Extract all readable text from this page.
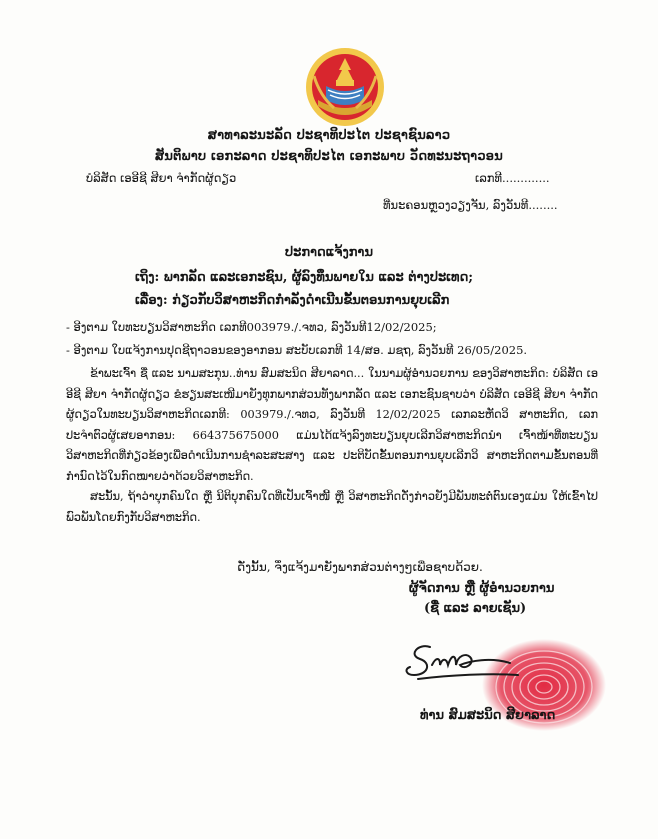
ສາທາລະນະລັດ ປະຊາທິປະໄຕ ປະຊາຊົນລາວ
ສັນຕິພາບ ເອກະລາດ ປະຊາທິປະໄຕ ເອກະພາບ ວັດທະນະຖາວອນ
ບໍລິສັດ ເອອີຊີ ສີຍາ ຈຳກັດຜູ້ດຽວ	ເລກທີ.............
ທີ່ນະຄອນຫຼວງວຽງຈັນ, ລົງວັນທີ........
ປະກາດແຈ້ງການ
ເຖິງ: ພາກລັດ ແລະເອກະຊົນ, ຜູ້ລົງທຶນພາຍໃນ ແລະ ຕ່າງປະເທດ;
ເລື່ອງ: ກ່ຽວກັບວິສາຫະກິດກຳລັງດຳເນີນຂັ້ນຕອນການຍຸບເລີກ
- ອີງຕາມ ໃບທະບຽນວິສາຫະກິດ ເລກທີ003979./.ຈທວ, ລົງວັນທີ12/02/2025;
- ອີງຕາມ ໃບແຈ້ງການປຸດຊີຖາວອນຂອງອາກອນ ສະບັບເລກທີ 14/ສອ. ມຊຖ, ລົງວັນທີ 26/05/2025.

ຂ້າພະເຈົ້າ ຊື່ ແລະ ນາມສະກຸນ..ທ່ານ ສົມສະນິດ ສີຍາລາດ... ໃນນາມຜູ້ອຳນວຍການ ຂອງວິສາຫະກິດ: ບໍລິສັດ ເອອີຊີ ສີຍາ ຈຳກັດຜູ້ດຽວ ຂໍຮຽນສະເໜີມາຍັງທຸກພາກສ່ວນທັງພາກລັດ ແລະ ເອກະຊົນຊາບວ່າ ບໍລິສັດ ເອອີຊີ ສີຍາ ຈຳກັດຜູ້ດຽວໃນທະບຽນວິສາຫະກິດເລກທີ: 003979./.ຈທວ, ລົງວັນທີ 12/02/2025 ເລກລະຫັດວິ ສາຫະກິດ, ເລກປະຈຳຕົວຜູ້ເສຍອາກອນ: 664375675000 ແມ່ນໄດ້ແຈ້ງລົງທະບຽນຍຸບເລີກວິສາຫະກິດນຳ ເຈົ້າໜ້າທີ່ທະບຽນວິສາຫະກິດທີ່ກ່ຽວຂ້ອງເພື່ອດຳເນີນການຊຳລະສະສາງ ແລະ ປະຕິບັດຂັ້ນຕອນການຍຸບເລີກວິ ສາຫະກິດຕາມຂັ້ນຕອນທີ່ກຳນົດໄວ້ໃນກົດໝາຍວ່າດ້ວຍວິສາຫະກິດ.

ສະນັ້ນ, ຖ້າວ່າບຸກຄົນໃດ ຫຼື ນິຕິບຸກຄົນໃດທີ່ເປັນເຈົ້າໜີ້ ຫຼື ວິສາຫະກິດດັ່ງກ່າວຍັງມີພັນທະຕໍ່ຕົນເອງແມ່ນ ໃຫ້ເຂົ້າໄປພົວພັນໂດຍກົງກັບວິສາຫະກິດ.

ດັ່ງນັ້ນ, ຈຶ່ງແຈ້ງມາຍັງພາກສ່ວນຕ່າງໆເພື່ອຊາບດ້ວຍ.
ຜູ້ຈັດການ ຫຼື ຜູ້ອຳນວຍການ
(ຊື່ ແລະ ລາຍເຊັນ)
ທ່ານ ສົມສະນິດ ສີຍາລາດ
